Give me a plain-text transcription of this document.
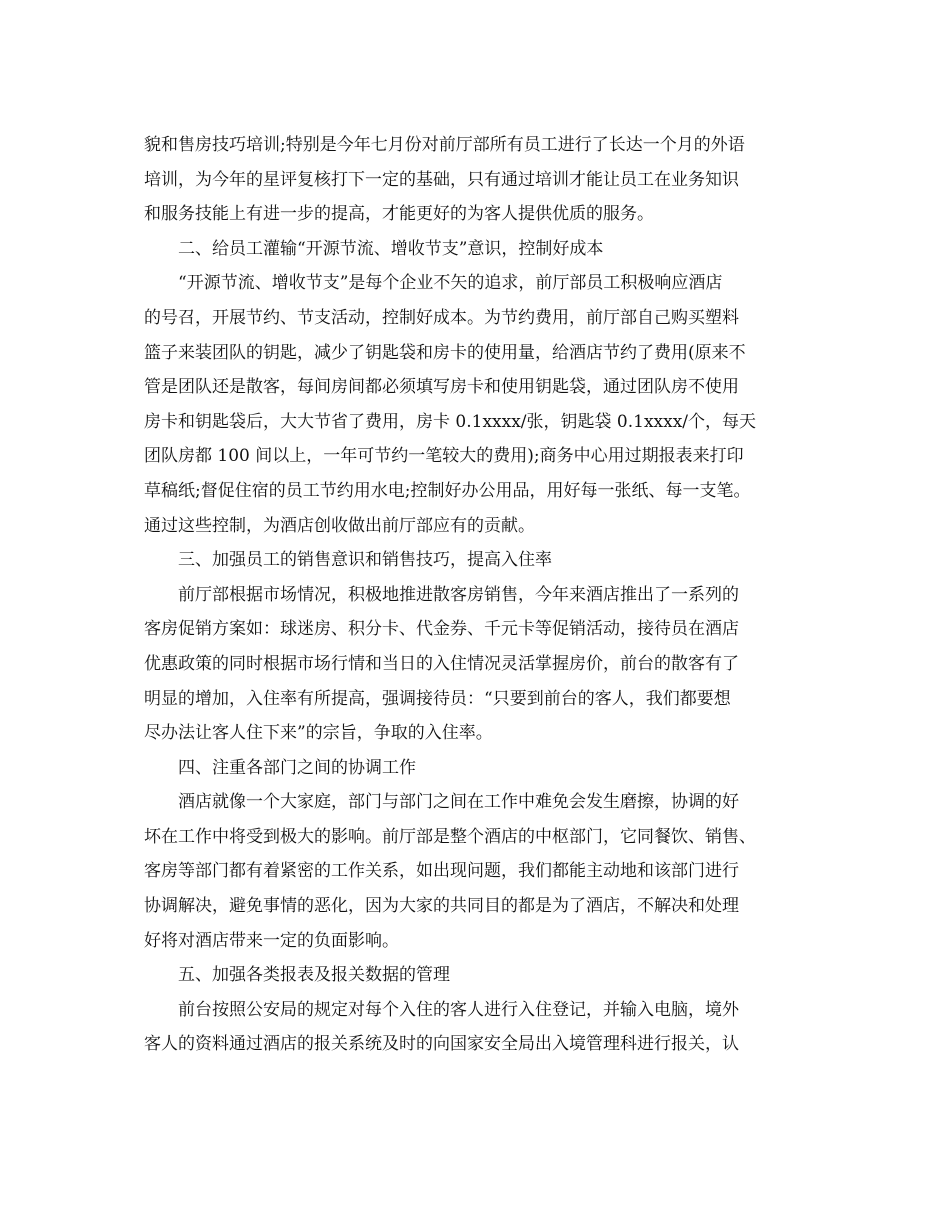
貌和售房技巧培训;特别是今年七月份对前厅部所有员工进行了长达一个月的外语
培训，为今年的星评复核打下一定的基础，只有通过培训才能让员工在业务知识
和服务技能上有进一步的提高，才能更好的为客人提供优质的服务。
二、给员工灌输“开源节流、增收节支”意识，控制好成本
“开源节流、增收节支”是每个企业不矢的追求，前厅部员工积极响应酒店
的号召，开展节约、节支活动，控制好成本。为节约费用，前厅部自己购买塑料
篮子来装团队的钥匙，减少了钥匙袋和房卡的使用量，给酒店节约了费用(原来不
管是团队还是散客，每间房间都必须填写房卡和使用钥匙袋，通过团队房不使用
房卡和钥匙袋后，大大节省了费用，房卡 0.1xxxx/张，钥匙袋 0.1xxxx/个，每天
团队房都 100 间以上，一年可节约一笔较大的费用);商务中心用过期报表来打印
草稿纸;督促住宿的员工节约用水电;控制好办公用品，用好每一张纸、每一支笔。
通过这些控制，为酒店创收做出前厅部应有的贡献。
三、加强员工的销售意识和销售技巧，提高入住率
前厅部根据市场情况，积极地推进散客房销售，今年来酒店推出了一系列的
客房促销方案如：球迷房、积分卡、代金券、千元卡等促销活动，接待员在酒店
优惠政策的同时根据市场行情和当日的入住情况灵活掌握房价，前台的散客有了
明显的增加，入住率有所提高，强调接待员：“只要到前台的客人，我们都要想
尽办法让客人住下来”的宗旨，争取的入住率。
四、注重各部门之间的协调工作
酒店就像一个大家庭，部门与部门之间在工作中难免会发生磨擦，协调的好
坏在工作中将受到极大的影响。前厅部是整个酒店的中枢部门，它同餐饮、销售、
客房等部门都有着紧密的工作关系，如出现问题，我们都能主动地和该部门进行
协调解决，避免事情的恶化，因为大家的共同目的都是为了酒店，不解决和处理
好将对酒店带来一定的负面影响。
五、加强各类报表及报关数据的管理
前台按照公安局的规定对每个入住的客人进行入住登记，并输入电脑，境外
客人的资料通过酒店的报关系统及时的向国家安全局出入境管理科进行报关，认
